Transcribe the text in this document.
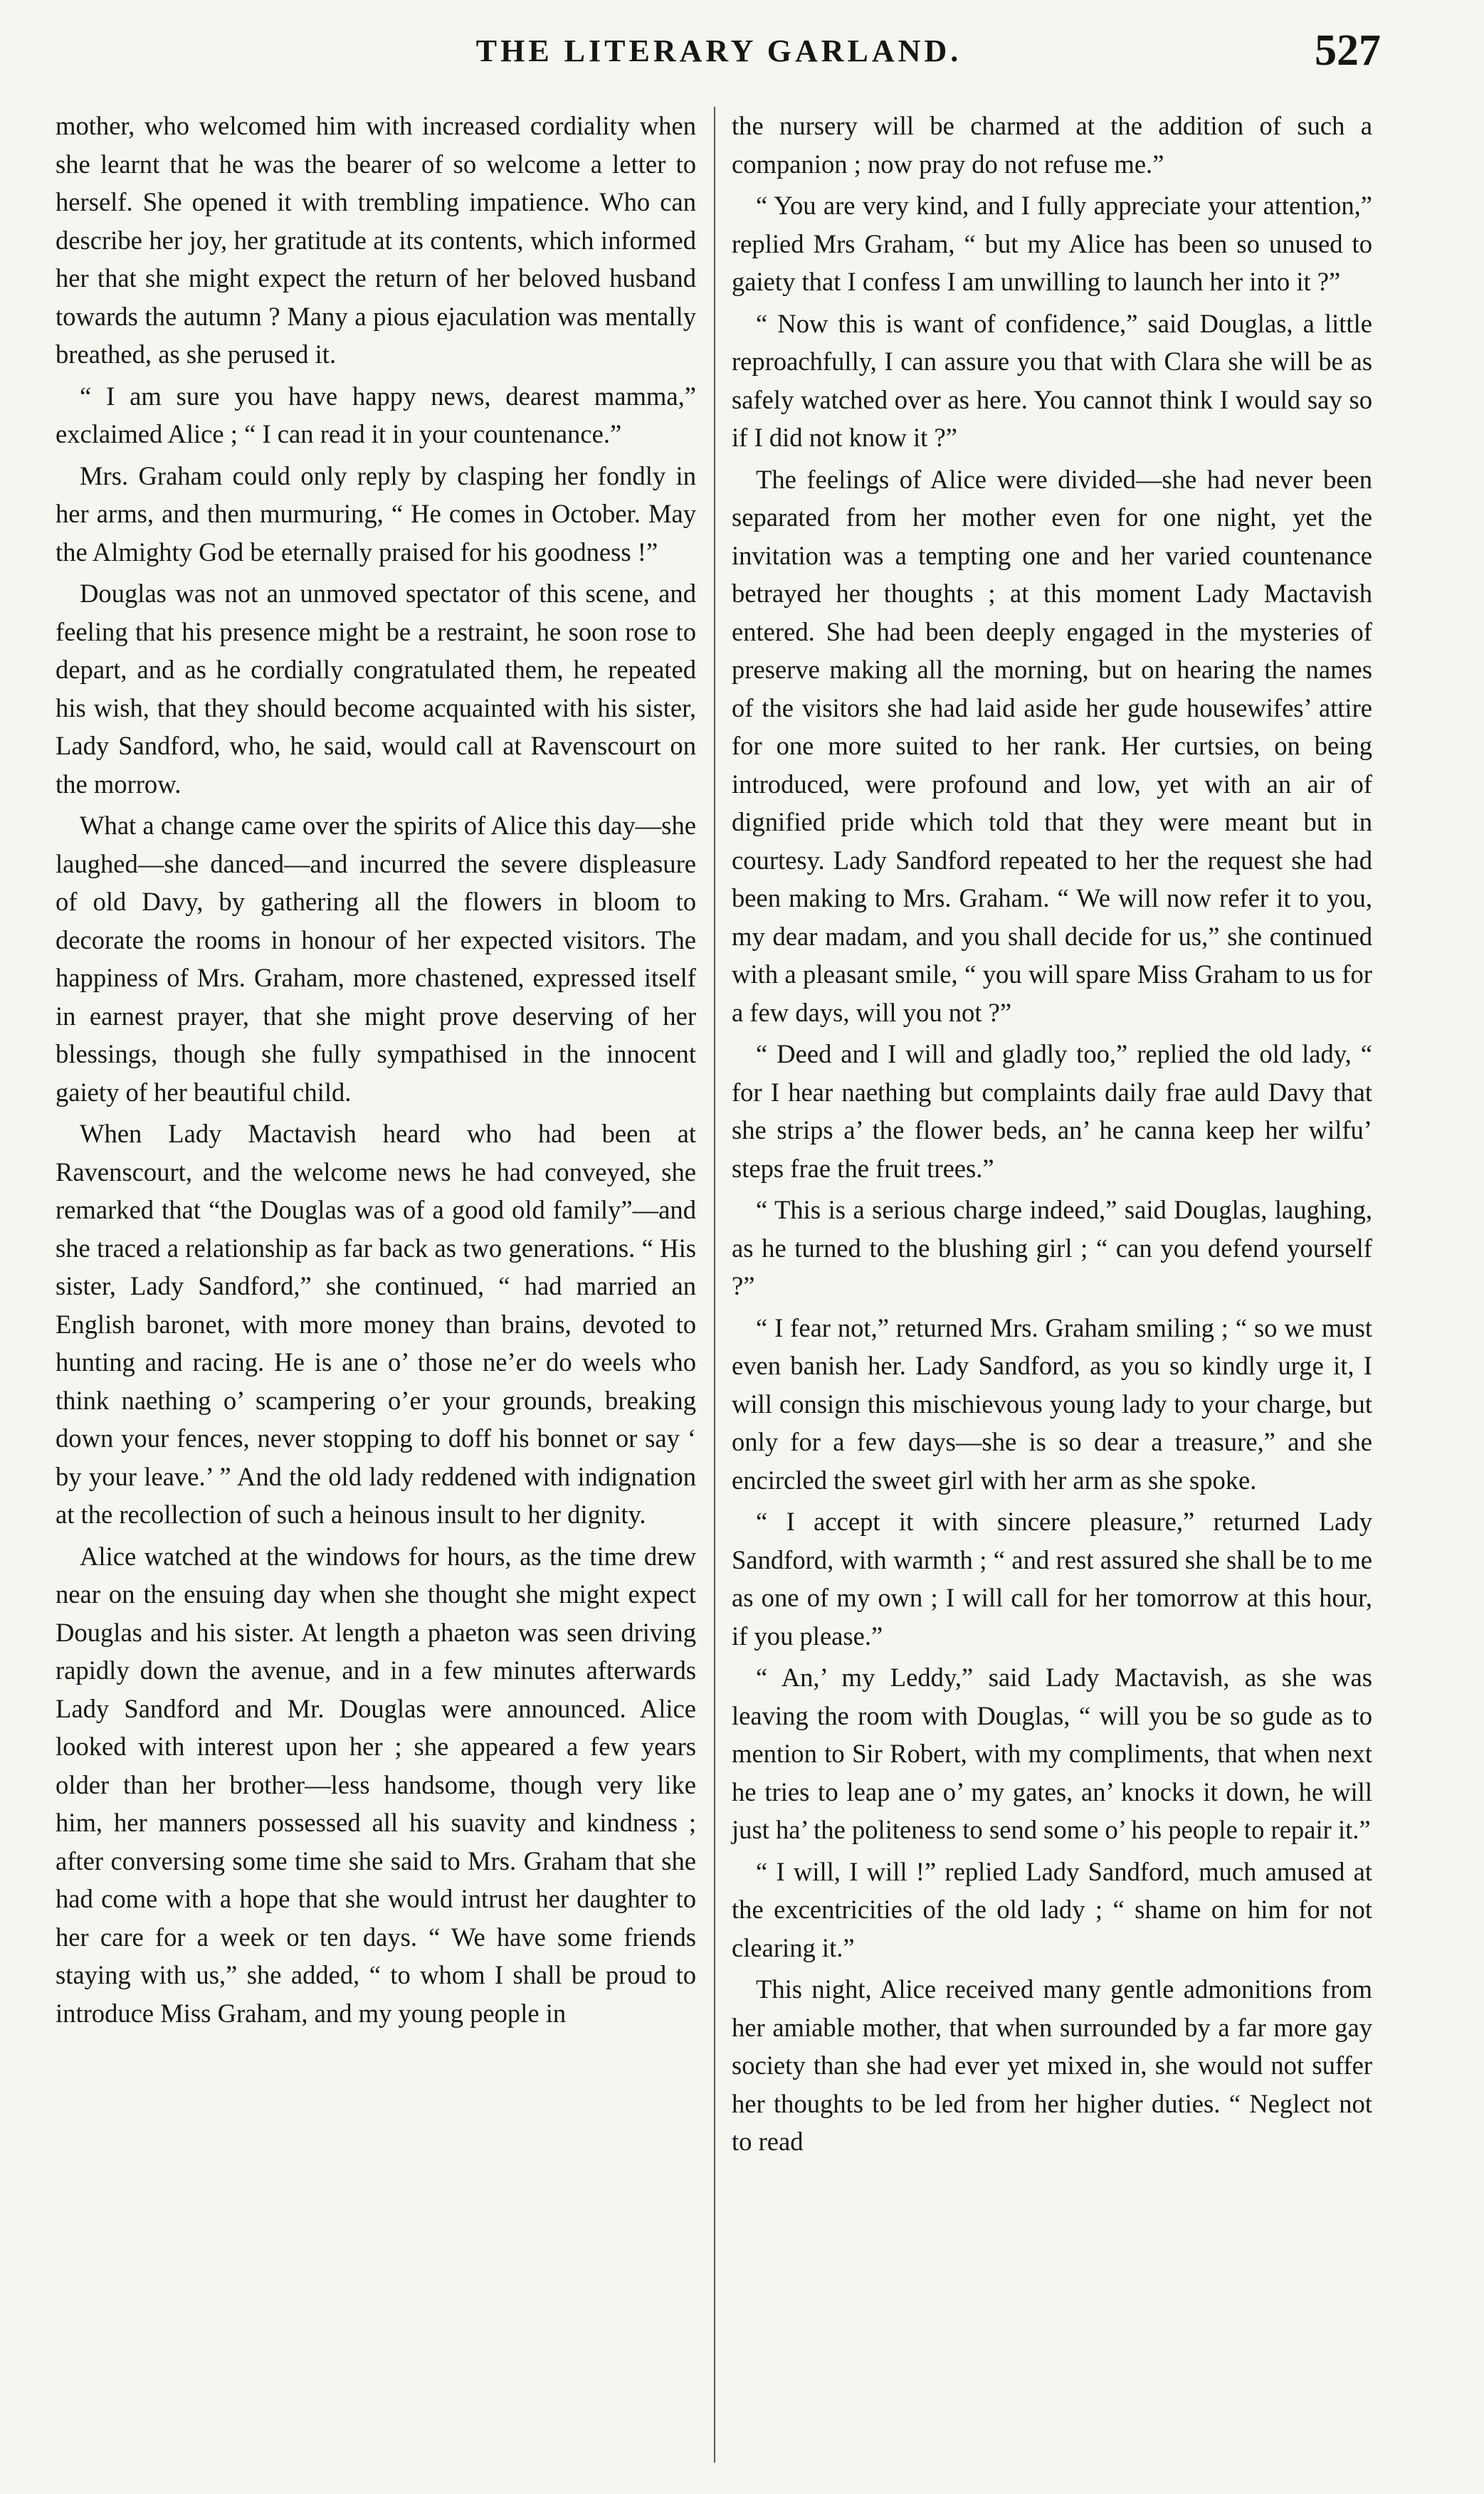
THE LITERARY GARLAND.	527

mother, who welcomed him with increased cordiality when she learnt that he was the bearer of so welcome a letter to herself. She opened it with trembling impatience. Who can describe her joy, her gratitude at its contents, which informed her that she might expect the return of her beloved husband towards the autumn ? Many a pious ejaculation was mentally breathed, as she perused it.

“ I am sure you have happy news, dearest mamma,” exclaimed Alice ; “ I can read it in your countenance.”

Mrs. Graham could only reply by clasping her fondly in her arms, and then murmuring, “ He comes in October. May the Almighty God be eternally praised for his goodness !”

Douglas was not an unmoved spectator of this scene, and feeling that his presence might be a restraint, he soon rose to depart, and as he cordially congratulated them, he repeated his wish, that they should become acquainted with his sister, Lady Sandford, who, he said, would call at Ravenscourt on the morrow.

What a change came over the spirits of Alice this day—she laughed—she danced—and incurred the severe displeasure of old Davy, by gathering all the flowers in bloom to decorate the rooms in honour of her expected visitors. The happiness of Mrs. Graham, more chastened, expressed itself in earnest prayer, that she might prove deserving of her blessings, though she fully sympathised in the innocent gaiety of her beautiful child.

When Lady Mactavish heard who had been at Ravenscourt, and the welcome news he had conveyed, she remarked that “the Douglas was of a good old family”—and she traced a relationship as far back as two generations. “ His sister, Lady Sandford,” she continued, “ had married an English baronet, with more money than brains, devoted to hunting and racing. He is ane o’ those ne’er do weels who think naething o’ scampering o’er your grounds, breaking down your fences, never stopping to doff his bonnet or say ‘ by your leave.’ ” And the old lady reddened with indignation at the recollection of such a heinous insult to her dignity.

Alice watched at the windows for hours, as the time drew near on the ensuing day when she thought she might expect Douglas and his sister. At length a phaeton was seen driving rapidly down the avenue, and in a few minutes afterwards Lady Sandford and Mr. Douglas were announced. Alice looked with interest upon her ; she appeared a few years older than her brother—less handsome, though very like him, her manners possessed all his suavity and kindness ; after conversing some time she said to Mrs. Graham that she had come with a hope that she would intrust her daughter to her care for a week or ten days. “ We have some friends staying with us,” she added, “ to whom I shall be proud to introduce Miss Graham, and my young people in

the nursery will be charmed at the addition of such a companion ; now pray do not refuse me.”

“ You are very kind, and I fully appreciate your attention,” replied Mrs Graham, “ but my Alice has been so unused to gaiety that I confess I am unwilling to launch her into it ?”

“ Now this is want of confidence,” said Douglas, a little reproachfully, I can assure you that with Clara she will be as safely watched over as here. You cannot think I would say so if I did not know it ?”

The feelings of Alice were divided—she had never been separated from her mother even for one night, yet the invitation was a tempting one and her varied countenance betrayed her thoughts ; at this moment Lady Mactavish entered. She had been deeply engaged in the mysteries of preserve making all the morning, but on hearing the names of the visitors she had laid aside her gude housewifes’ attire for one more suited to her rank. Her curtsies, on being introduced, were profound and low, yet with an air of dignified pride which told that they were meant but in courtesy. Lady Sandford repeated to her the request she had been making to Mrs. Graham. “ We will now refer it to you, my dear madam, and you shall decide for us,” she continued with a pleasant smile, “ you will spare Miss Graham to us for a few days, will you not ?”

“ Deed and I will and gladly too,” replied the old lady, “ for I hear naething but complaints daily frae auld Davy that she strips a’ the flower beds, an’ he canna keep her wilfu’ steps frae the fruit trees.”

“ This is a serious charge indeed,” said Douglas, laughing, as he turned to the blushing girl ; “ can you defend yourself ?”

“ I fear not,” returned Mrs. Graham smiling ; “ so we must even banish her. Lady Sandford, as you so kindly urge it, I will consign this mischievous young lady to your charge, but only for a few days—she is so dear a treasure,” and she encircled the sweet girl with her arm as she spoke.

“ I accept it with sincere pleasure,” returned Lady Sandford, with warmth ; “ and rest assured she shall be to me as one of my own ; I will call for her tomorrow at this hour, if you please.”

“ An,’ my Leddy,” said Lady Mactavish, as she was leaving the room with Douglas, “ will you be so gude as to mention to Sir Robert, with my compliments, that when next he tries to leap ane o’ my gates, an’ knocks it down, he will just ha’ the politeness to send some o’ his people to repair it.”

“ I will, I will !” replied Lady Sandford, much amused at the excentricities of the old lady ; “ shame on him for not clearing it.”

This night, Alice received many gentle admonitions from her amiable mother, that when surrounded by a far more gay society than she had ever yet mixed in, she would not suffer her thoughts to be led from her higher duties. “ Neglect not to read
